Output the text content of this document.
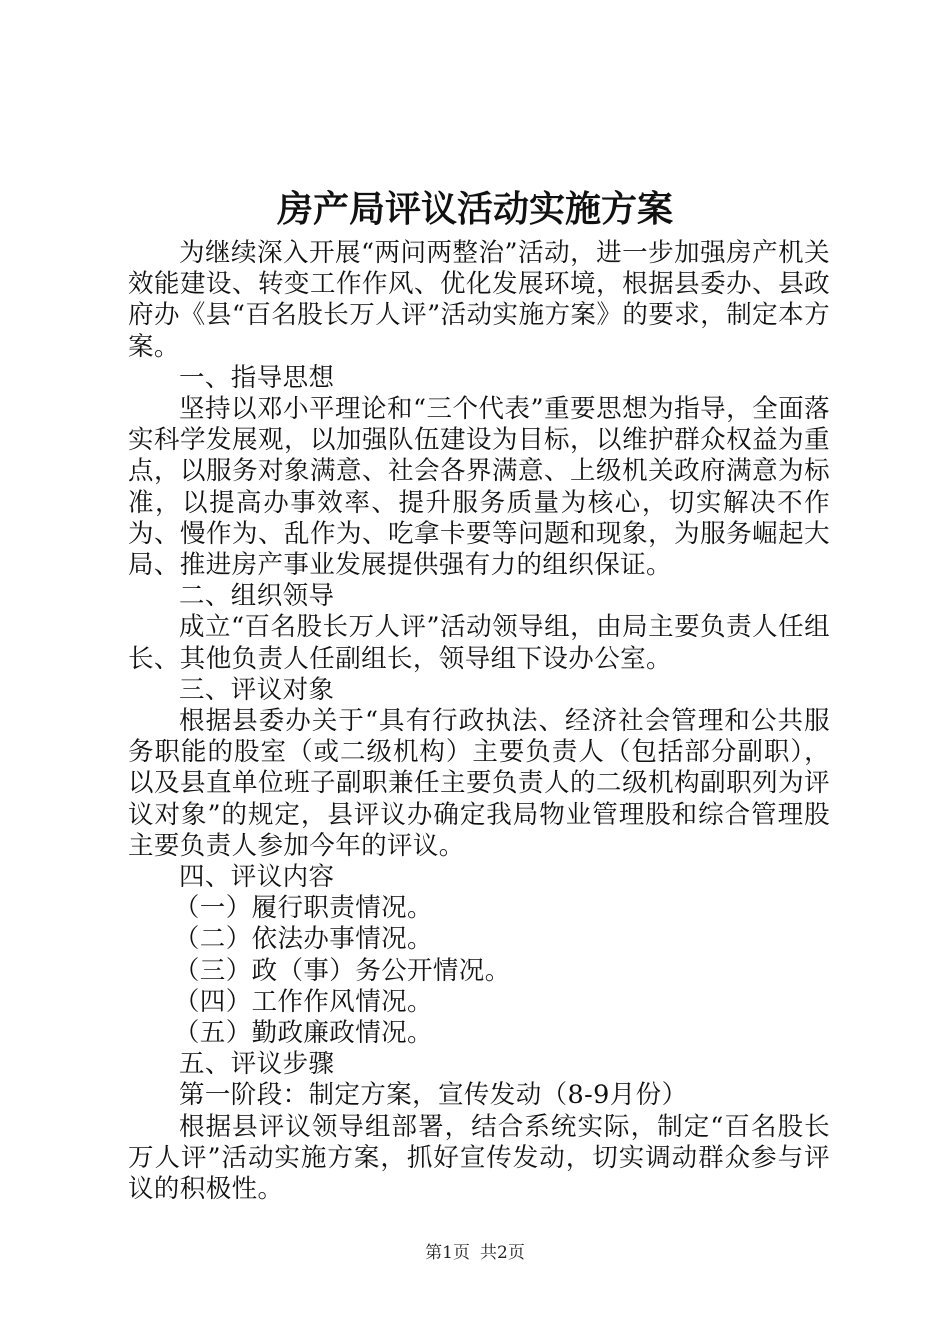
房产局评议活动实施方案

为继续深入开展“两问两整治”活动，进一步加强房产机关效能建设、转变工作作风、优化发展环境，根据县委办、县政府办《县“百名股长万人评”活动实施方案》的要求，制定本方案。

一、指导思想

坚持以邓小平理论和“三个代表”重要思想为指导，全面落实科学发展观，以加强队伍建设为目标，以维护群众权益为重点，以服务对象满意、社会各界满意、上级机关政府满意为标准，以提高办事效率、提升服务质量为核心，切实解决不作为、慢作为、乱作为、吃拿卡要等问题和现象，为服务崛起大局、推进房产事业发展提供强有力的组织保证。

二、组织领导

成立“百名股长万人评”活动领导组，由局主要负责人任组长、其他负责人任副组长，领导组下设办公室。

三、评议对象

根据县委办关于“具有行政执法、经济社会管理和公共服务职能的股室（或二级机构）主要负责人（包括部分副职），以及县直单位班子副职兼任主要负责人的二级机构副职列为评议对象”的规定，县评议办确定我局物业管理股和综合管理股主要负责人参加今年的评议。

四、评议内容

（一）履行职责情况。

（二）依法办事情况。

（三）政（事）务公开情况。

（四）工作作风情况。

（五）勤政廉政情况。

五、评议步骤

第一阶段：制定方案，宣传发动（8-9月份）

根据县评议领导组部署，结合系统实际，制定“百名股长万人评”活动实施方案，抓好宣传发动，切实调动群众参与评议的积极性。

第1页 共2页
